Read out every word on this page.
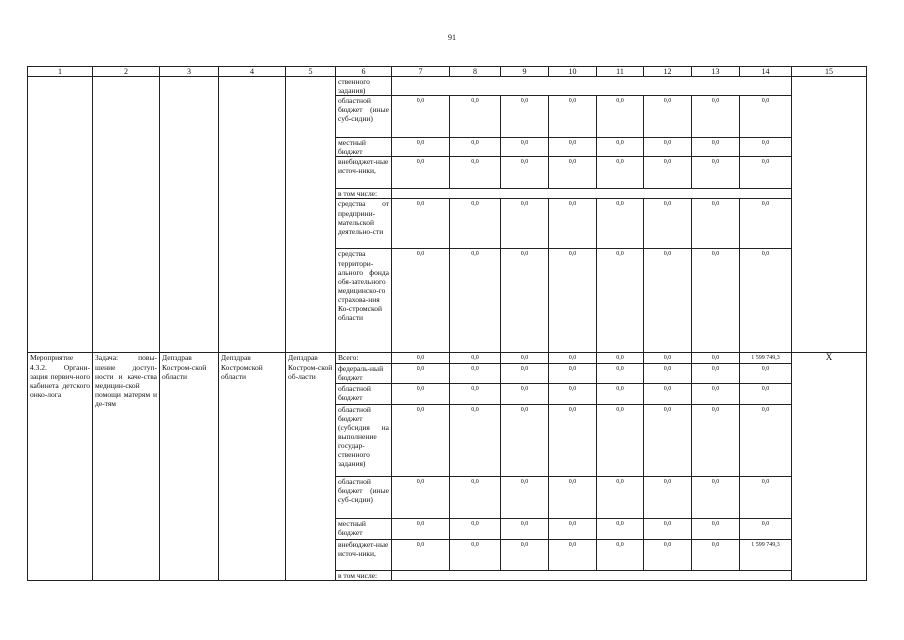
91
1	2	3	4	5	6	7	8	9	10	11	12	13	14	15
					ственного задания)									
					областной бюджет (иные суб-сидии)	0,0	0,0	0,0	0,0	0,0	0,0	0,0	0,0	
					местный бюджет	0,0	0,0	0,0	0,0	0,0	0,0	0,0	0,0	
					внебюджет-ные источ-ники,	0,0	0,0	0,0	0,0	0,0	0,0	0,0	0,0	
					в том числе:									
					средства от предприни-мательской деятельно-сти	0,0	0,0	0,0	0,0	0,0	0,0	0,0	0,0	
					средства территори-ального фонда обя-зательного медицинско-го страхова-ния Ко-стромской области	0,0	0,0	0,0	0,0	0,0	0,0	0,0	0,0	
Мероприятие 4.3.2. Органи-зация первич-ного кабинета детского онко-лога	Задача: повы-шение доступ-ности и каче-ства медицин-ской помощи матерям и де-тям	Депздрав Костром-ской области	Депздрав Костромской области	Депздрав Костром-ской об-ласти	Всего:	0,0	0,0	0,0	0,0	0,0	0,0	0,0	1 599 749,3	X
					федераль-ный бюджет	0,0	0,0	0,0	0,0	0,0	0,0	0,0	0,0	
					областной бюджет	0,0	0,0	0,0	0,0	0,0	0,0	0,0	0,0	
					областной бюджет (субсидия на выполнение государ-ственного задания)	0,0	0,0	0,0	0,0	0,0	0,0	0,0	0,0	
					областной бюджет (иные суб-сидии)	0,0	0,0	0,0	0,0	0,0	0,0	0,0	0,0	
					местный бюджет	0,0	0,0	0,0	0,0	0,0	0,0	0,0	0,0	
					внебюджет-ные источ-ники,	0,0	0,0	0,0	0,0	0,0	0,0	0,0	1 599 749,3	
					в том числе:									
